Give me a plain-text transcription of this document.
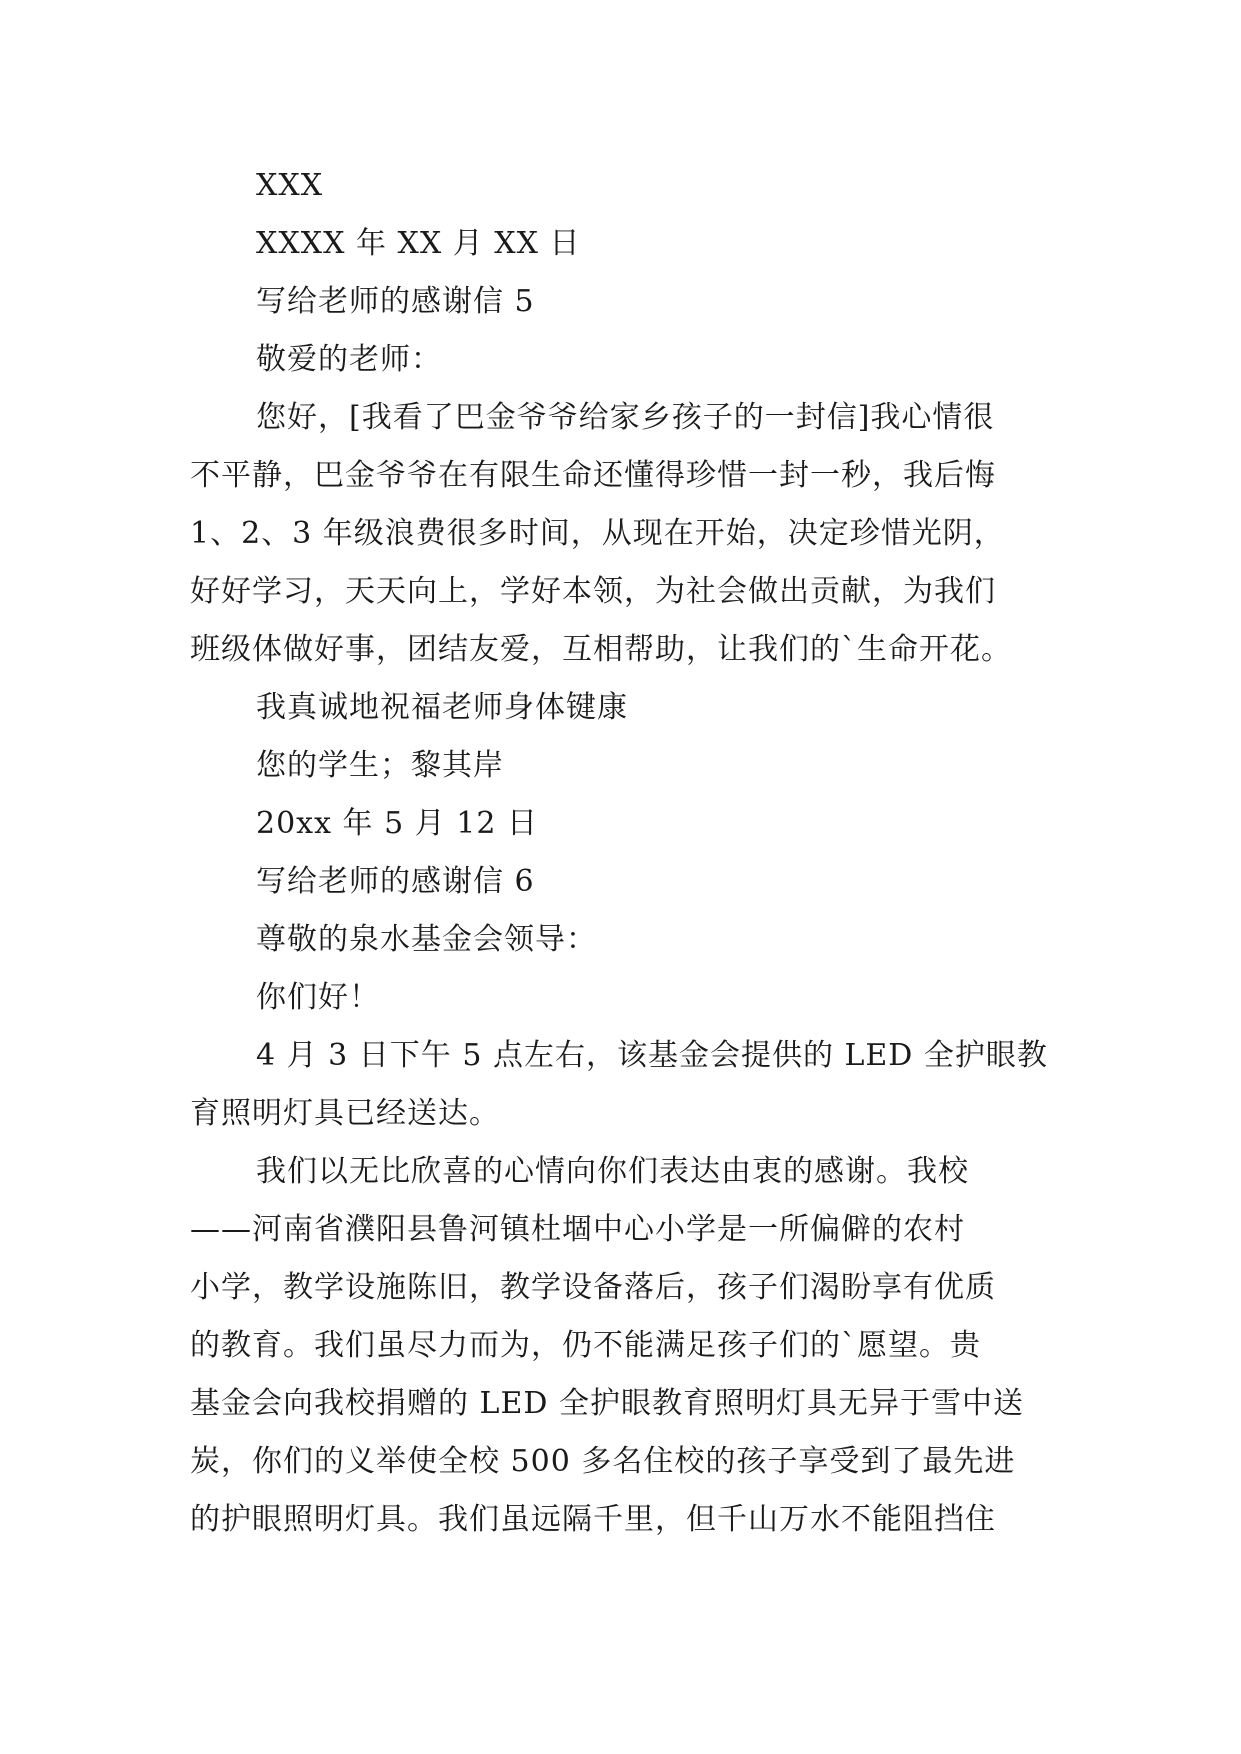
XXX
XXXX 年 XX 月 XX 日
写给老师的感谢信 5
敬爱的老师：
您好，[我看了巴金爷爷给家乡孩子的一封信]我心情很
不平静，巴金爷爷在有限生命还懂得珍惜一封一秒，我后悔
1、2、3 年级浪费很多时间，从现在开始，决定珍惜光阴，
好好学习，天天向上，学好本领，为社会做出贡献，为我们
班级体做好事，团结友爱，互相帮助，让我们的`生命开花。
我真诚地祝福老师身体键康
您的学生；黎其岸
20xx 年 5 月 12 日
写给老师的感谢信 6
尊敬的泉水基金会领导：
你们好！
4 月 3 日下午 5 点左右，该基金会提供的 LED 全护眼教
育照明灯具已经送达。
我们以无比欣喜的心情向你们表达由衷的感谢。我校
——河南省濮阳县鲁河镇杜堌中心小学是一所偏僻的农村
小学，教学设施陈旧，教学设备落后，孩子们渴盼享有优质
的教育。我们虽尽力而为，仍不能满足孩子们的`愿望。贵
基金会向我校捐赠的 LED 全护眼教育照明灯具无异于雪中送
炭，你们的义举使全校 500 多名住校的孩子享受到了最先进
的护眼照明灯具。我们虽远隔千里，但千山万水不能阻挡住
